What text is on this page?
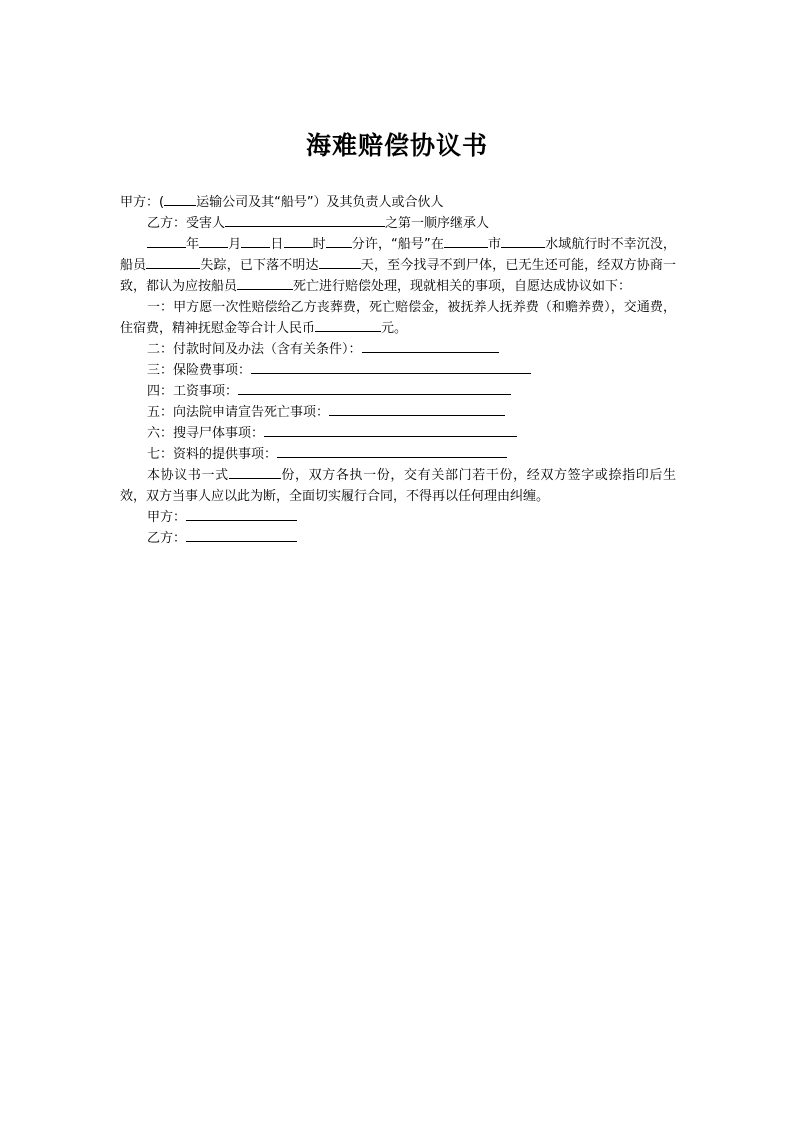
海难赔偿协议书

甲方：( 运输公司及其“船号”）及其负责人或合伙人

乙方：受害人	之第一顺序继承人

年 月 日 时 分许，“船号”在	市	水域航行时不幸沉没，船员	失踪，已下落不明达	天，至今找寻不到尸体，已无生还可能，经双方协商一致，都认为应按船员	死亡进行赔偿处理，现就相关的事项，自愿达成协议如下：

一：甲方愿一次性赔偿给乙方丧葬费，死亡赔偿金，被抚养人抚养费（和赡养费），交通费，住宿费，精神抚慰金等合计人民币	元。

二：付款时间及办法（含有关条件）：

三：保险费事项：

四：工资事项：

五：向法院申请宣告死亡事项：

六：搜寻尸体事项：

七：资料的提供事项：

本协议书一式	份，双方各执一份，交有关部门若干份，经双方签字或捺指印后生效，双方当事人应以此为断，全面切实履行合同，不得再以任何理由纠缠。

甲方：

乙方：
